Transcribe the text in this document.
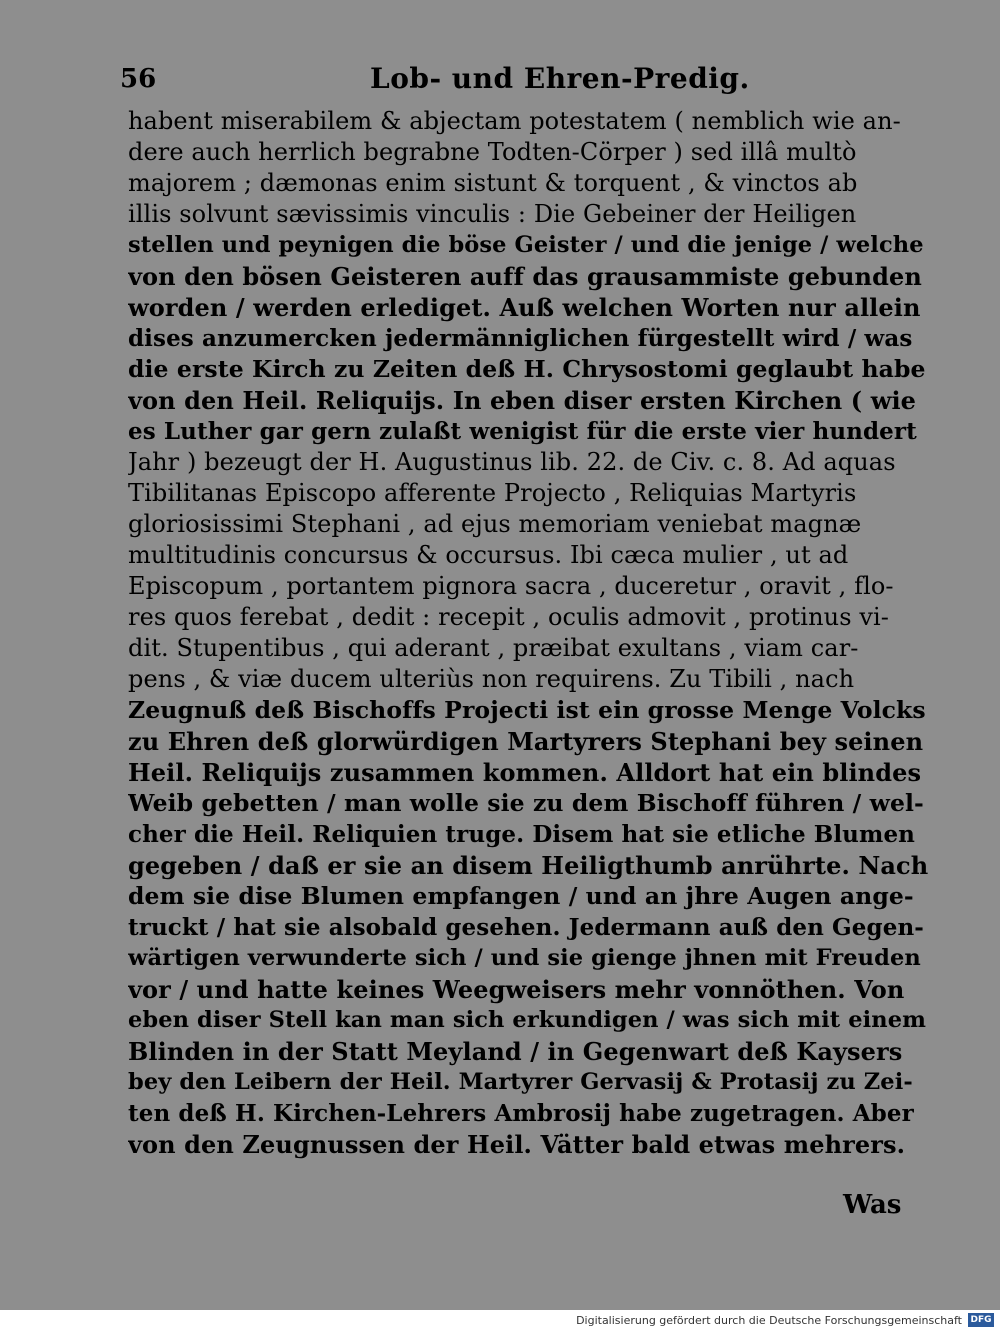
56	Lob- und Ehren-Predig.
habent miserabilem & abjectam potestatem ( nemblich wie an-
dere auch herrlich begrabne Todten-Cörper ) sed illâ multò
majorem ; dæmonas enim sistunt & torquent , & vinctos ab
illis solvunt sævissimis vinculis : Die Gebeiner der Heiligen
stellen und peynigen die böse Geister / und die jenige / welche
von den bösen Geisteren auff das grausammiste gebunden
worden / werden erlediget. Auß welchen Worten nur allein
dises anzumercken jedermänniglichen fürgestellt wird / was
die erste Kirch zu Zeiten deß H. Chrysostomi geglaubt habe
von den Heil. Reliquijs. In eben diser ersten Kirchen ( wie
es Luther gar gern zulaßt wenigist für die erste vier hundert
Jahr ) bezeugt der H. Augustinus lib. 22. de Civ. c. 8. Ad aquas
Tibilitanas Episcopo afferente Projecto , Reliquias Martyris
gloriosissimi Stephani , ad ejus memoriam veniebat magnæ
multitudinis concursus & occursus. Ibi cæca mulier , ut ad
Episcopum , portantem pignora sacra , duceretur , oravit , flo-
res quos ferebat , dedit : recepit , oculis admovit , protinus vi-
dit. Stupentibus , qui aderant , præibat exultans , viam car-
pens , & viæ ducem ulteriùs non requirens. Zu Tibili , nach
Zeugnuß deß Bischoffs Projecti ist ein grosse Menge Volcks
zu Ehren deß glorwürdigen Martyrers Stephani bey seinen
Heil. Reliquijs zusammen kommen. Alldort hat ein blindes
Weib gebetten / man wolle sie zu dem Bischoff führen / wel-
cher die Heil. Reliquien truge. Disem hat sie etliche Blumen
gegeben / daß er sie an disem Heiligthumb anrührte. Nach
dem sie dise Blumen empfangen / und an jhre Augen ange-
truckt / hat sie alsobald gesehen. Jedermann auß den Gegen-
wärtigen verwunderte sich / und sie gienge jhnen mit Freuden
vor / und hatte keines Weegweisers mehr vonnöthen. Von
eben diser Stell kan man sich erkundigen / was sich mit einem
Blinden in der Statt Meyland / in Gegenwart deß Kaysers
bey den Leibern der Heil. Martyrer Gervasij & Protasij zu Zei-
ten deß H. Kirchen-Lehrers Ambrosij habe zugetragen. Aber
von den Zeugnussen der Heil. Vätter bald etwas mehrers.
Was
Digitalisierung gefördert durch die Deutsche Forschungsgemeinschaft DFG
